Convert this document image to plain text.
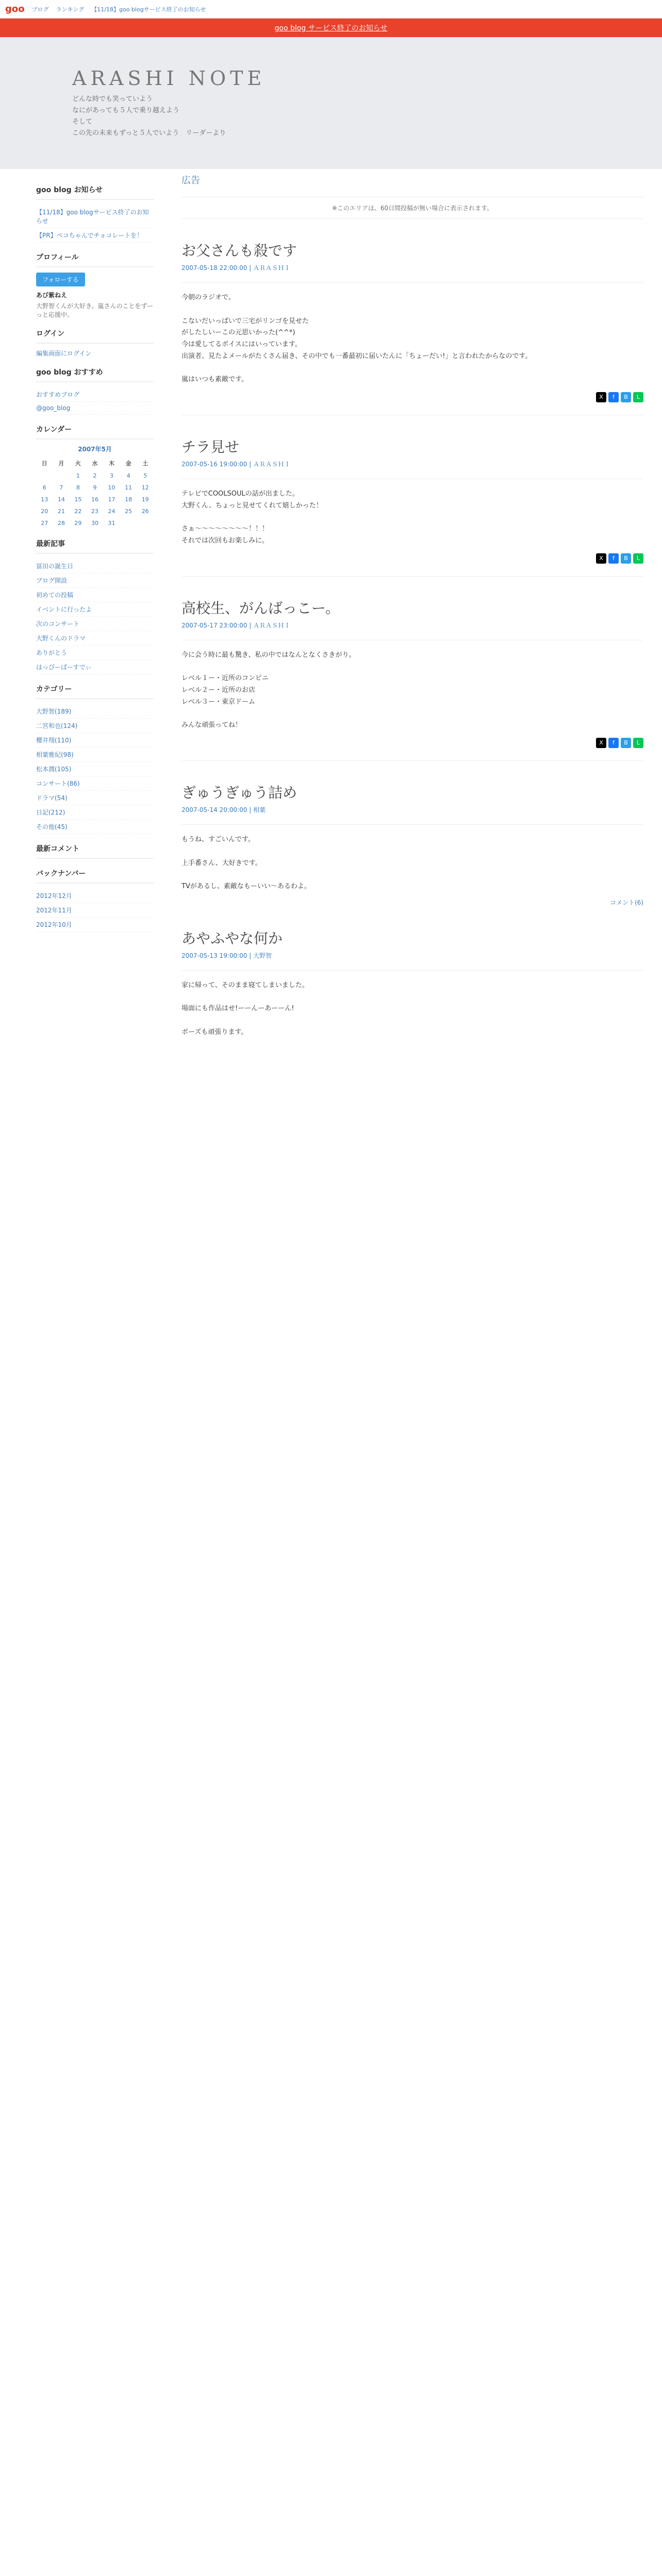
goo ブログ ランキング 【11/18】goo blogサービス終了のお知らせ
goo blog サービス終了のお知らせ
ARASHI NOTE
どんな時でも笑っていよう
なにがあっても５人で乗り越えよう
そして
この先の未来もずっと５人でいよう　リーダーより
goo blog お知らせ
【11/18】goo blogサービス終了のお知らせ
【PR】ペコちゃんでチョコレートを！
プロフィール
フォローする
あび紫ねえ
大野智くんが大好き。嵐さんのことをずーっと応援中。
ログイン
編集画面にログイン
goo blog おすすめ
おすすめブログ
@goo_blog
カレンダー
2007年5月
日	月	火	水	木	金	土
		1	2	3	4	5
6	7	8	9	10	11	12
13	14	15	16	17	18	19
20	21	22	23	24	25	26
27	28	29	30	31		
最新記事
冨田の誕生日
ブログ開設
初めての投稿
イベントに行ったよ
次のコンサート
大野くんのドラマ
ありがとう
はっぴーばーすでぃ
カテゴリー
大野智(189)
二宮和也(124)
櫻井翔(110)
相葉雅紀(98)
松本潤(105)
コンサート(86)
ドラマ(54)
日記(212)
その他(45)
最新コメント
バックナンバー
2012年12月
2012年11月
2012年10月
広告
※このエリアは、60日間投稿が無い場合に表示されます。
お父さんも殺です
2007-05-18 22:00:00 | ＡＲＡＳＨＩ
今朝のラジオで。

こないだいっぱいで三宅がリンゴを見せた
がしたしいーこの元思いかった(^^*)
今は愛してるボイスにはいっています。
出演者、見たよメールがたくさん届き、その中でも一番最初に届いたんに「ちょーだい!」と言われたからなのです。

嵐はいつも素敵です。
X	f	B	L
チラ見せ
2007-05-16 19:00:00 | ＡＲＡＳＨＩ
テレビでCOOLSOULの話が出ました。
大野くん、ちょっと見せてくれて嬉しかった！

さぁ〜〜〜〜〜〜〜〜！！！
それでは次回もお楽しみに。
X	f	B	L
高校生、がんばっこー。
2007-05-17 23:00:00 | ＡＲＡＳＨＩ
今に会う時に最も驚き、私の中ではなんとなくさきがり。

レベル１ー・近所のコンビニ
レベル２ー・近所のお店
レベル３ー・東京ドーム

みんな頑張ってね！
X	f	B	L
ぎゅうぎゅう詰め
2007-05-14 20:00:00 | 相葉
もうね、すごいんです。

上手番さん、大好きです。

TVがあるし、素敵なもーいい〜あるわよ。
コメント(6)
あやふやな何か
2007-05-13 19:00:00 | 大野智
家に帰って、そのまま寝てしまいました。

場面にも作品はせ!ーーんーあーーん!

ボーズも頑張ります。
